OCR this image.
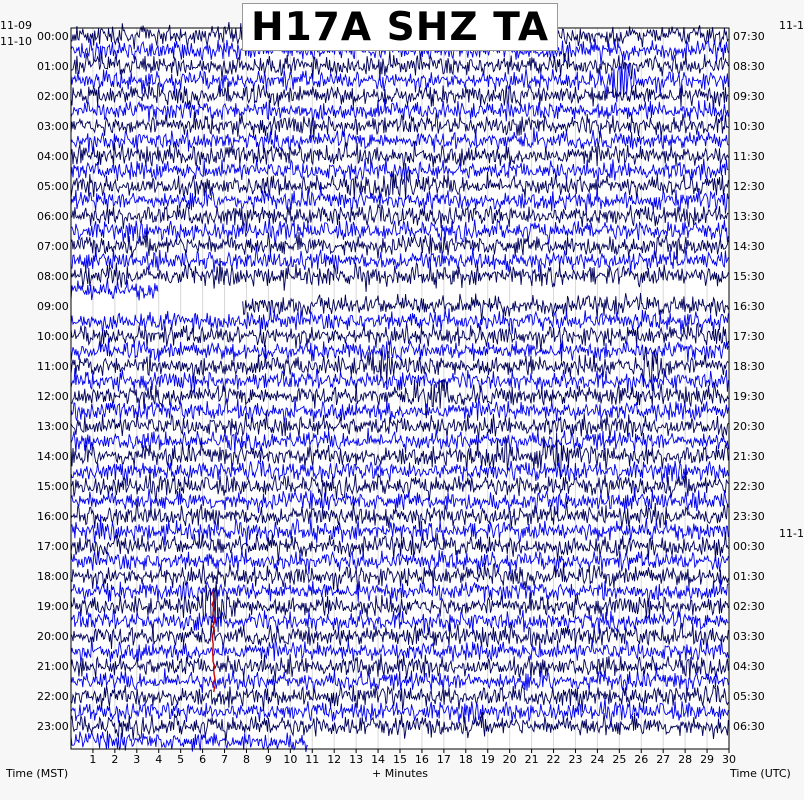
H17A SHZ TA
11-09
11-10
11-1
11-1
00:00
01:00
02:00
03:00
04:00
05:00
06:00
07:00
08:00
09:00
10:00
11:00
12:00
13:00
14:00
15:00
16:00
17:00
18:00
19:00
20:00
21:00
22:00
23:00
07:30
08:30
09:30
10:30
11:30
12:30
13:30
14:30
15:30
16:30
17:30
18:30
19:30
20:30
21:30
22:30
23:30
00:30
01:30
02:30
03:30
04:30
05:30
06:30
1 2 3 4 5 6 7 8 9 10 11 12 13 14 15 16 17 18 19 20 21 22 23 24 25 26 27 28 29 30
Time (MST)	+ Minutes	Time (UTC)
